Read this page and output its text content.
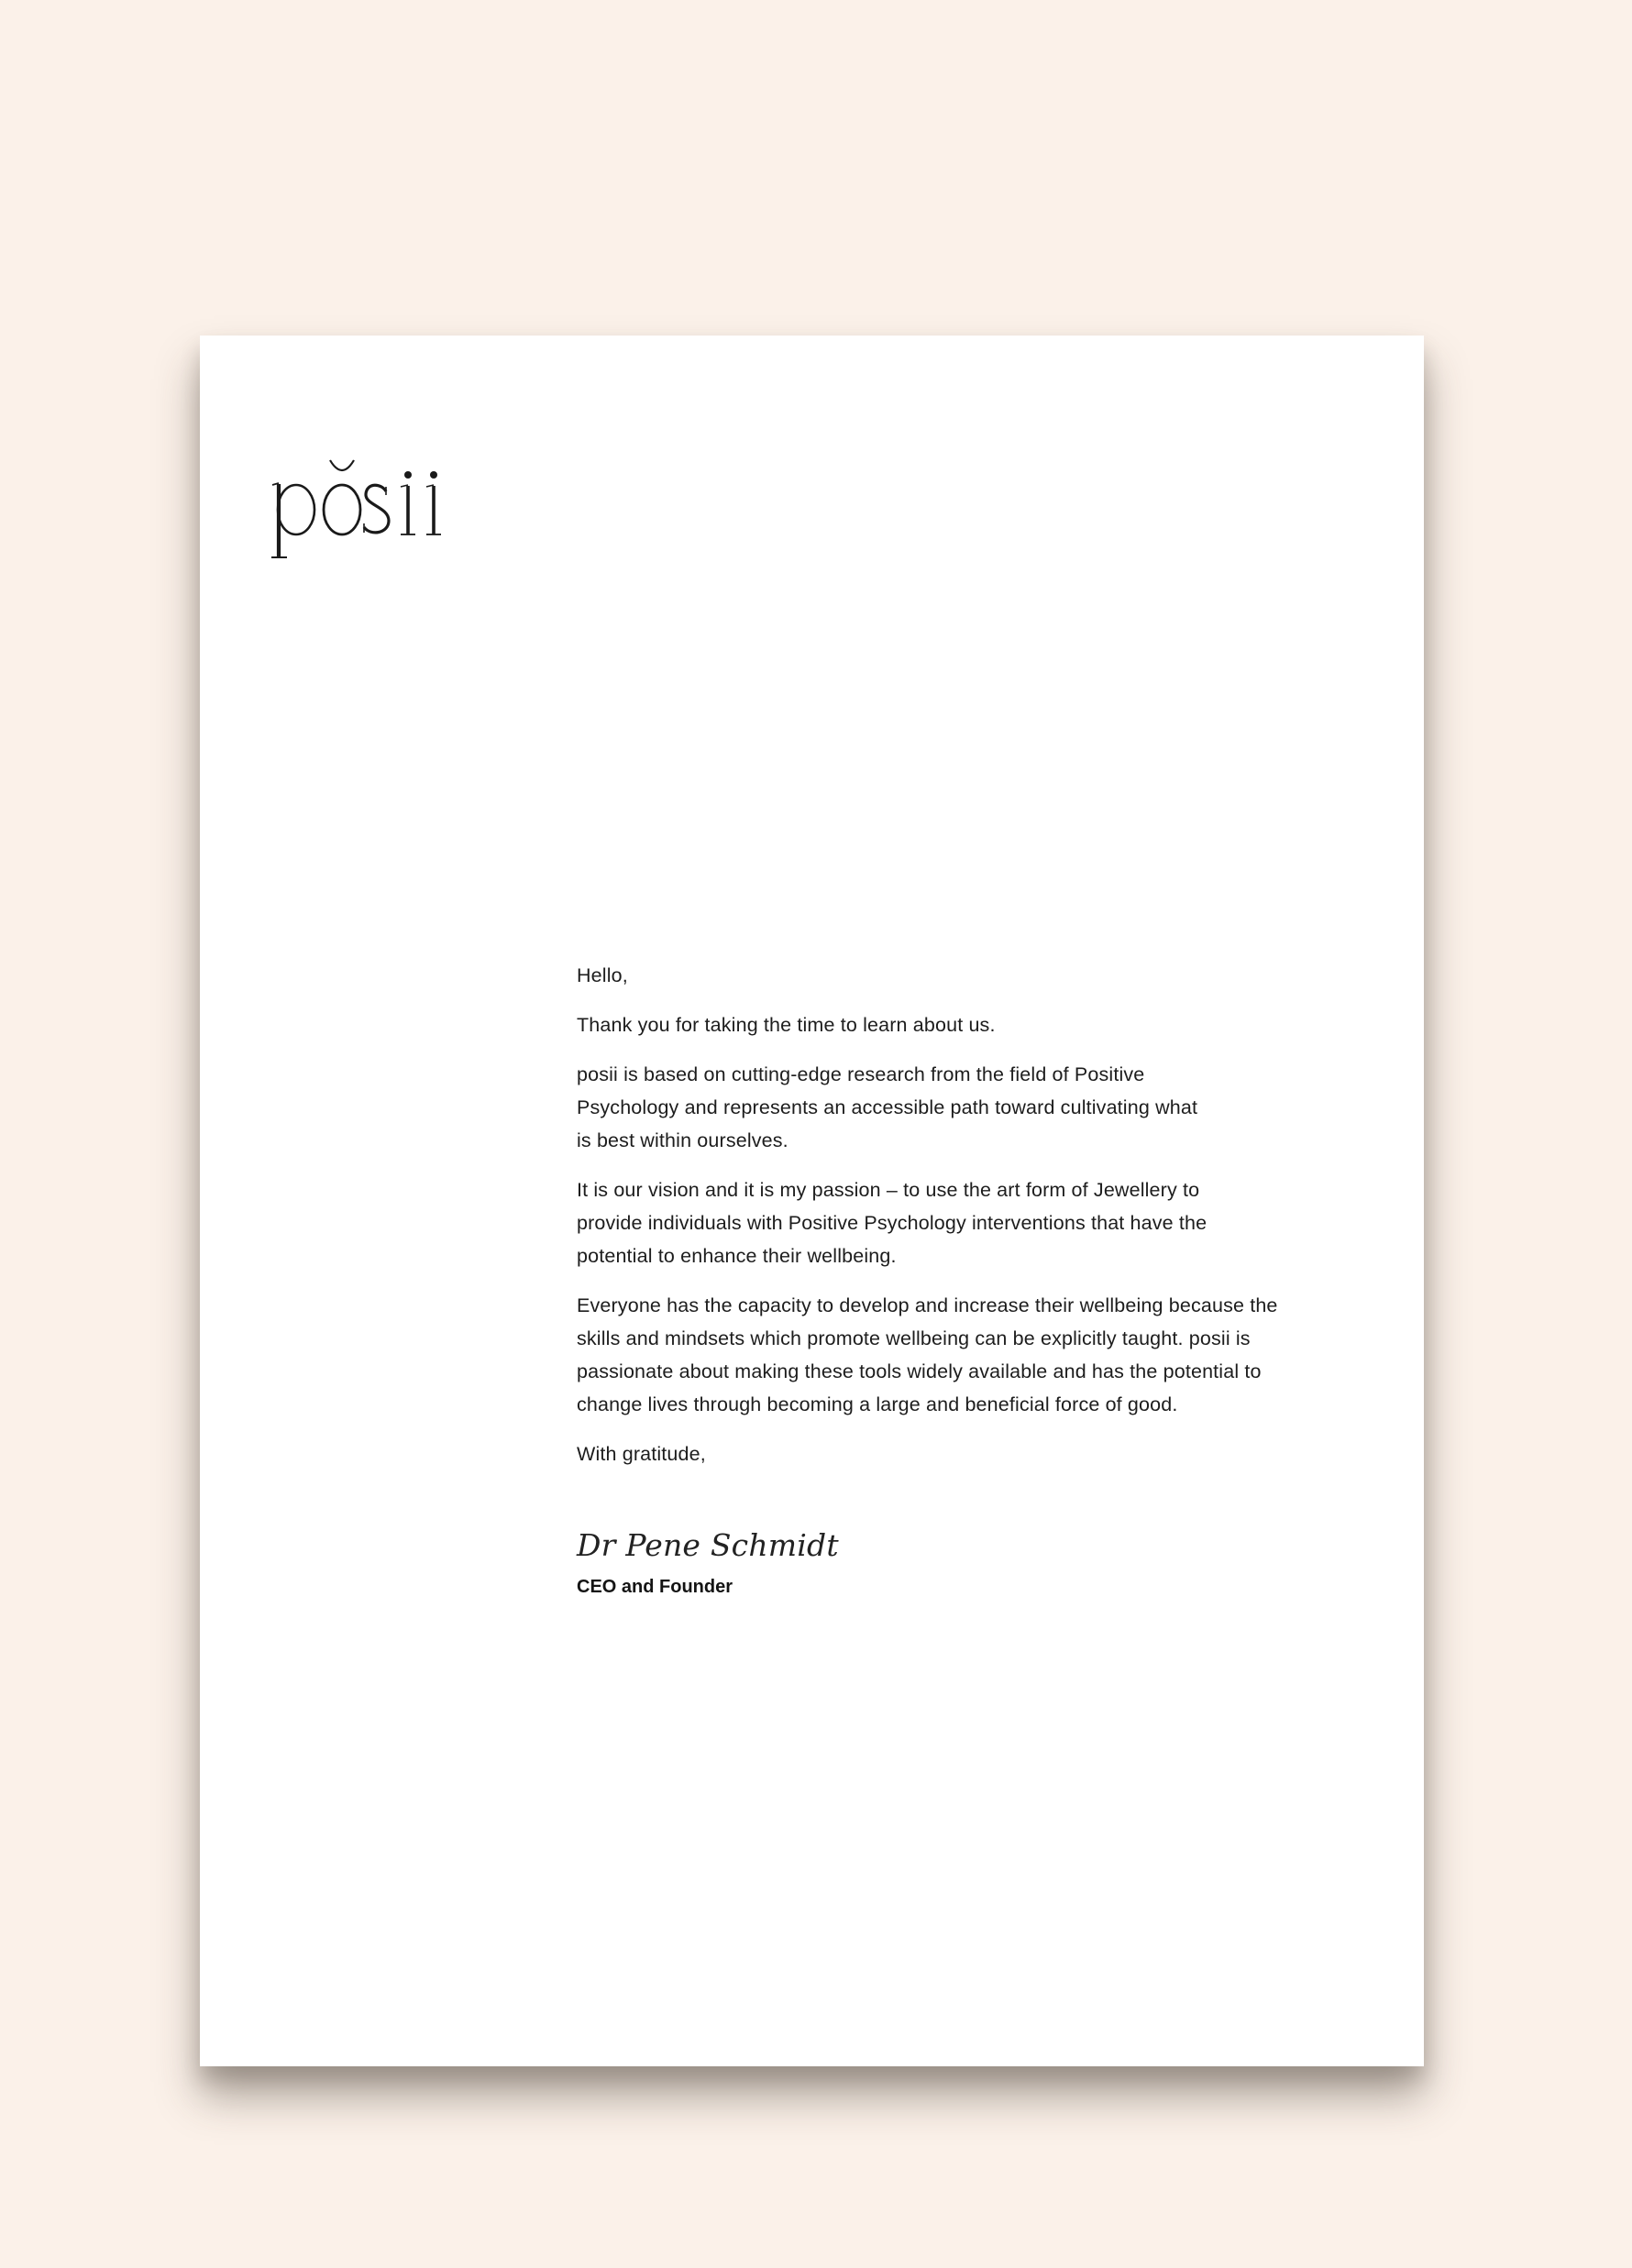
Hello,

Thank you for taking the time to learn about us.

posii is based on cutting-edge research from the field of Positive Psychology and represents an accessible path toward cultivating what is best within ourselves.

It is our vision and it is my passion – to use the art form of Jewellery to provide individuals with Positive Psychology interventions that have the potential to enhance their wellbeing.

Everyone has the capacity to develop and increase their wellbeing because the skills and mindsets which promote wellbeing can be explicitly taught. posii is passionate about making these tools widely available and has the potential to change lives through becoming a large and beneficial force of good.

With gratitude,

Dr Pene Schmidt
CEO and Founder
